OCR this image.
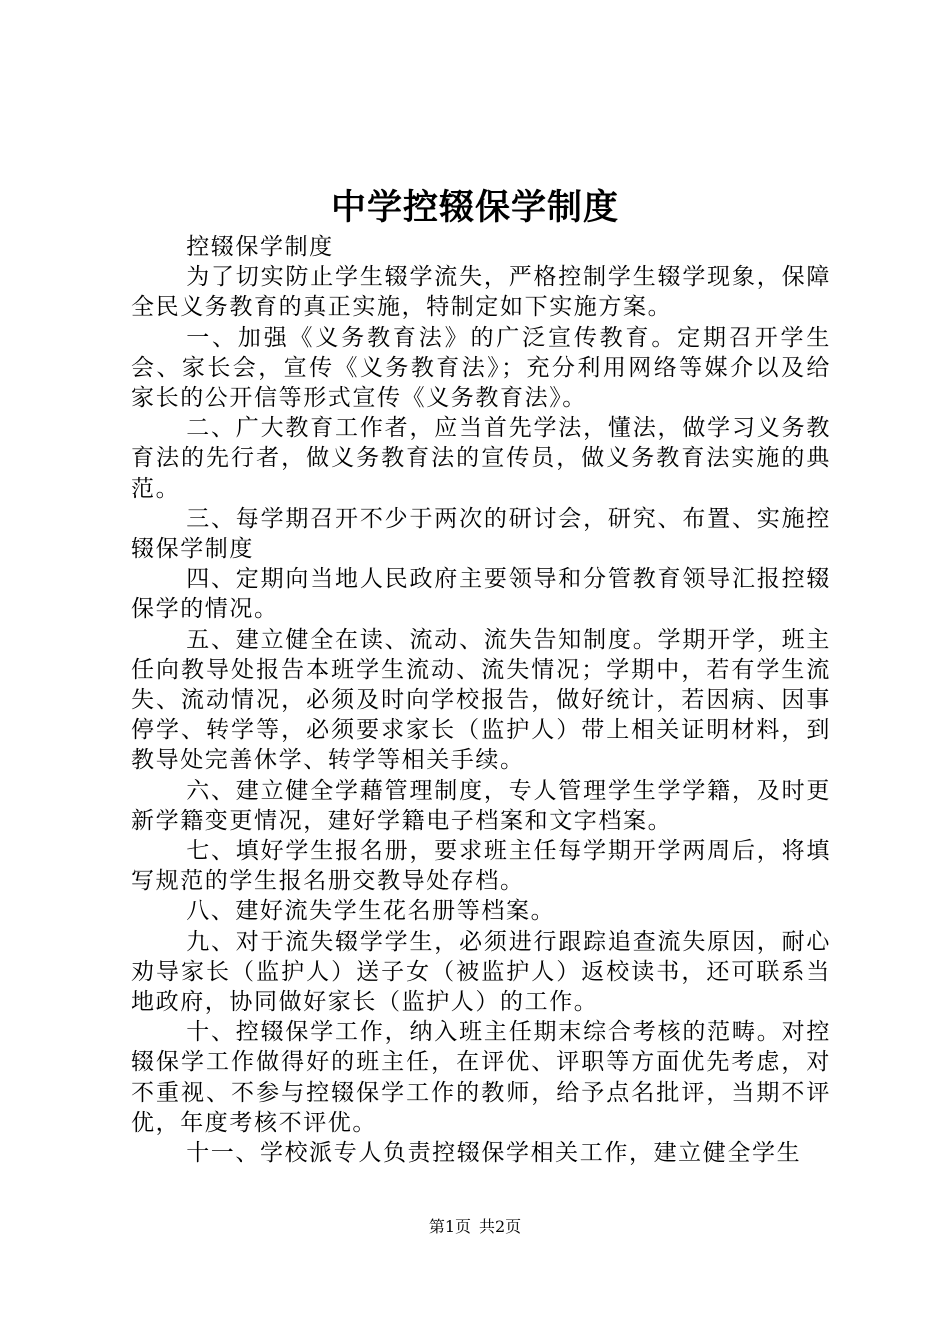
中学控辍保学制度

控辍保学制度

为了切实防止学生辍学流失，严格控制学生辍学现象，保障全民义务教育的真正实施，特制定如下实施方案。

一、加强《义务教育法》的广泛宣传教育。定期召开学生会、家长会，宣传《义务教育法》；充分利用网络等媒介以及给家长的公开信等形式宣传《义务教育法》。

二、广大教育工作者，应当首先学法，懂法，做学习义务教育法的先行者，做义务教育法的宣传员，做义务教育法实施的典范。

三、每学期召开不少于两次的研讨会，研究、布置、实施控辍保学制度

四、定期向当地人民政府主要领导和分管教育领导汇报控辍保学的情况。

五、建立健全在读、流动、流失告知制度。学期开学，班主任向教导处报告本班学生流动、流失情况；学期中，若有学生流失、流动情况，必须及时向学校报告，做好统计，若因病、因事停学、转学等，必须要求家长（监护人）带上相关证明材料，到教导处完善休学、转学等相关手续。

六、建立健全学藉管理制度，专人管理学生学学籍，及时更新学籍变更情况，建好学籍电子档案和文字档案。

七、填好学生报名册，要求班主任每学期开学两周后，将填写规范的学生报名册交教导处存档。

八、建好流失学生花名册等档案。

九、对于流失辍学学生，必须进行跟踪追查流失原因，耐心劝导家长（监护人）送子女（被监护人）返校读书，还可联系当地政府，协同做好家长（监护人）的工作。

十、控辍保学工作，纳入班主任期末综合考核的范畴。对控辍保学工作做得好的班主任，在评优、评职等方面优先考虑，对不重视、不参与控辍保学工作的教师，给予点名批评，当期不评优，年度考核不评优。

十一、学校派专人负责控辍保学相关工作，建立健全学生

第1页 共2页
